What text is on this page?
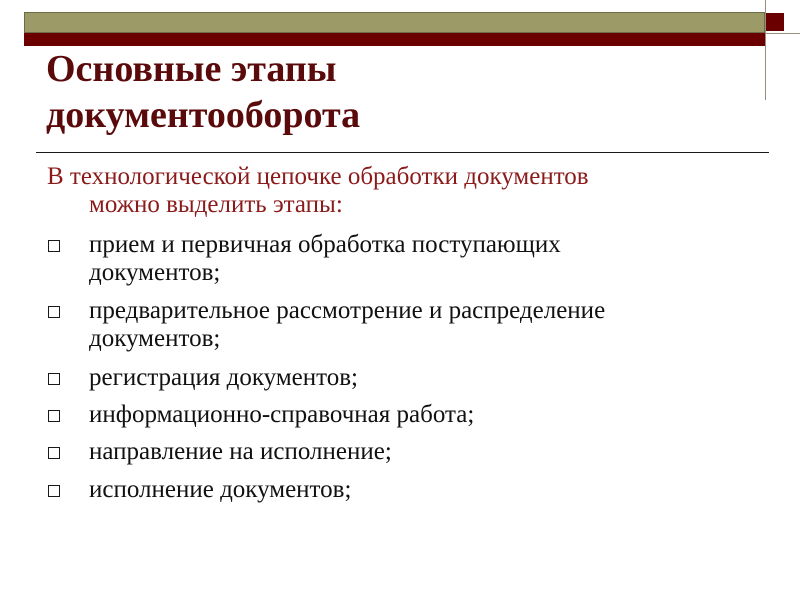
Основные этапы
документооборота

В технологической цепочке обработки документов
можно выделить этапы:

прием и первичная обработка поступающих
документов;
предварительное рассмотрение и распределение
документов;
регистрация документов;
информационно-справочная работа;
направление на исполнение;
исполнение документов;
